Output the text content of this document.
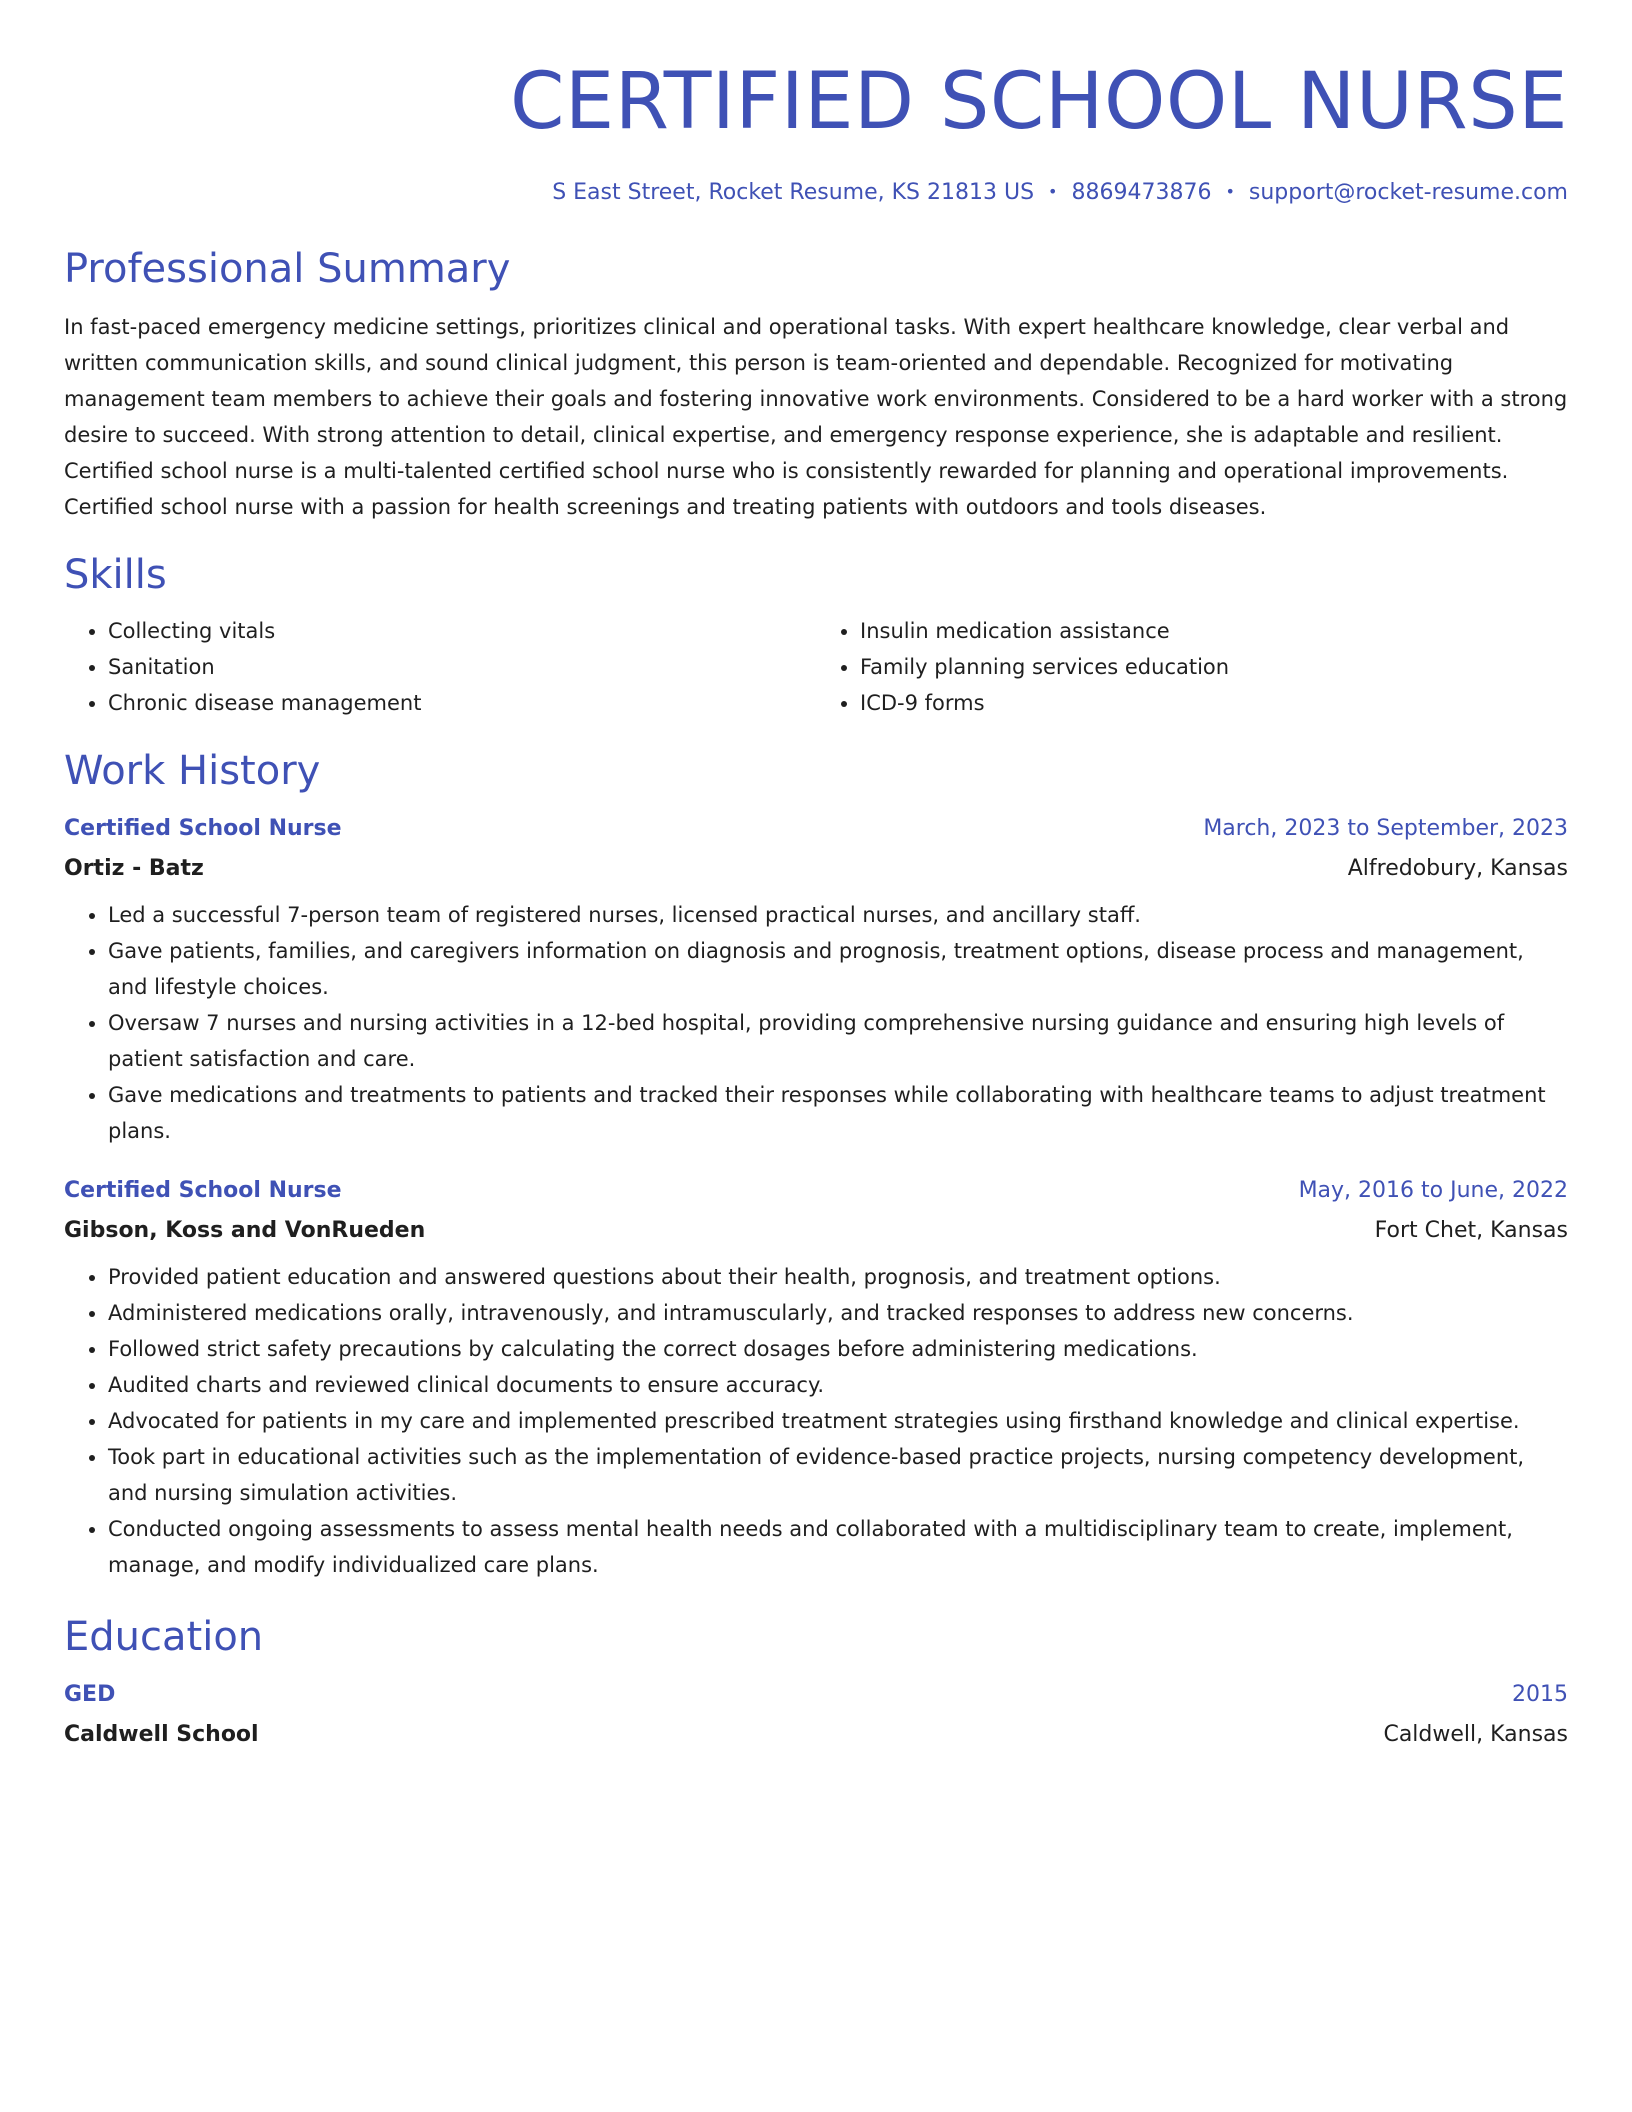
CERTIFIED SCHOOL NURSE
S East Street, Rocket Resume, KS 21813 US • 8869473876 • support@rocket-resume.com
Professional Summary

In fast-paced emergency medicine settings, prioritizes clinical and operational tasks. With expert healthcare knowledge, clear verbal and written communication skills, and sound clinical judgment, this person is team-oriented and dependable. Recognized for motivating management team members to achieve their goals and fostering innovative work environments. Considered to be a hard worker with a strong desire to succeed. With strong attention to detail, clinical expertise, and emergency response experience, she is adaptable and resilient. Certified school nurse is a multi-talented certified school nurse who is consistently rewarded for planning and operational improvements. Certified school nurse with a passion for health screenings and treating patients with outdoors and tools diseases.

Skills
• Collecting vitals
• Sanitation
• Chronic disease management
• Insulin medication assistance
• Family planning services education
• ICD-9 forms
Work History
Certified School Nurse	March, 2023 to September, 2023
Ortiz - Batz	Alfredobury, Kansas
• Led a successful 7-person team of registered nurses, licensed practical nurses, and ancillary staff.
• Gave patients, families, and caregivers information on diagnosis and prognosis, treatment options, disease process and management, and lifestyle choices.
• Oversaw 7 nurses and nursing activities in a 12-bed hospital, providing comprehensive nursing guidance and ensuring high levels of patient satisfaction and care.
• Gave medications and treatments to patients and tracked their responses while collaborating with healthcare teams to adjust treatment plans.
Certified School Nurse	May, 2016 to June, 2022
Gibson, Koss and VonRueden	Fort Chet, Kansas
• Provided patient education and answered questions about their health, prognosis, and treatment options.
• Administered medications orally, intravenously, and intramuscularly, and tracked responses to address new concerns.
• Followed strict safety precautions by calculating the correct dosages before administering medications.
• Audited charts and reviewed clinical documents to ensure accuracy.
• Advocated for patients in my care and implemented prescribed treatment strategies using firsthand knowledge and clinical expertise.
• Took part in educational activities such as the implementation of evidence-based practice projects, nursing competency development, and nursing simulation activities.
• Conducted ongoing assessments to assess mental health needs and collaborated with a multidisciplinary team to create, implement, manage, and modify individualized care plans.
Education
GED	2015
Caldwell School	Caldwell, Kansas
